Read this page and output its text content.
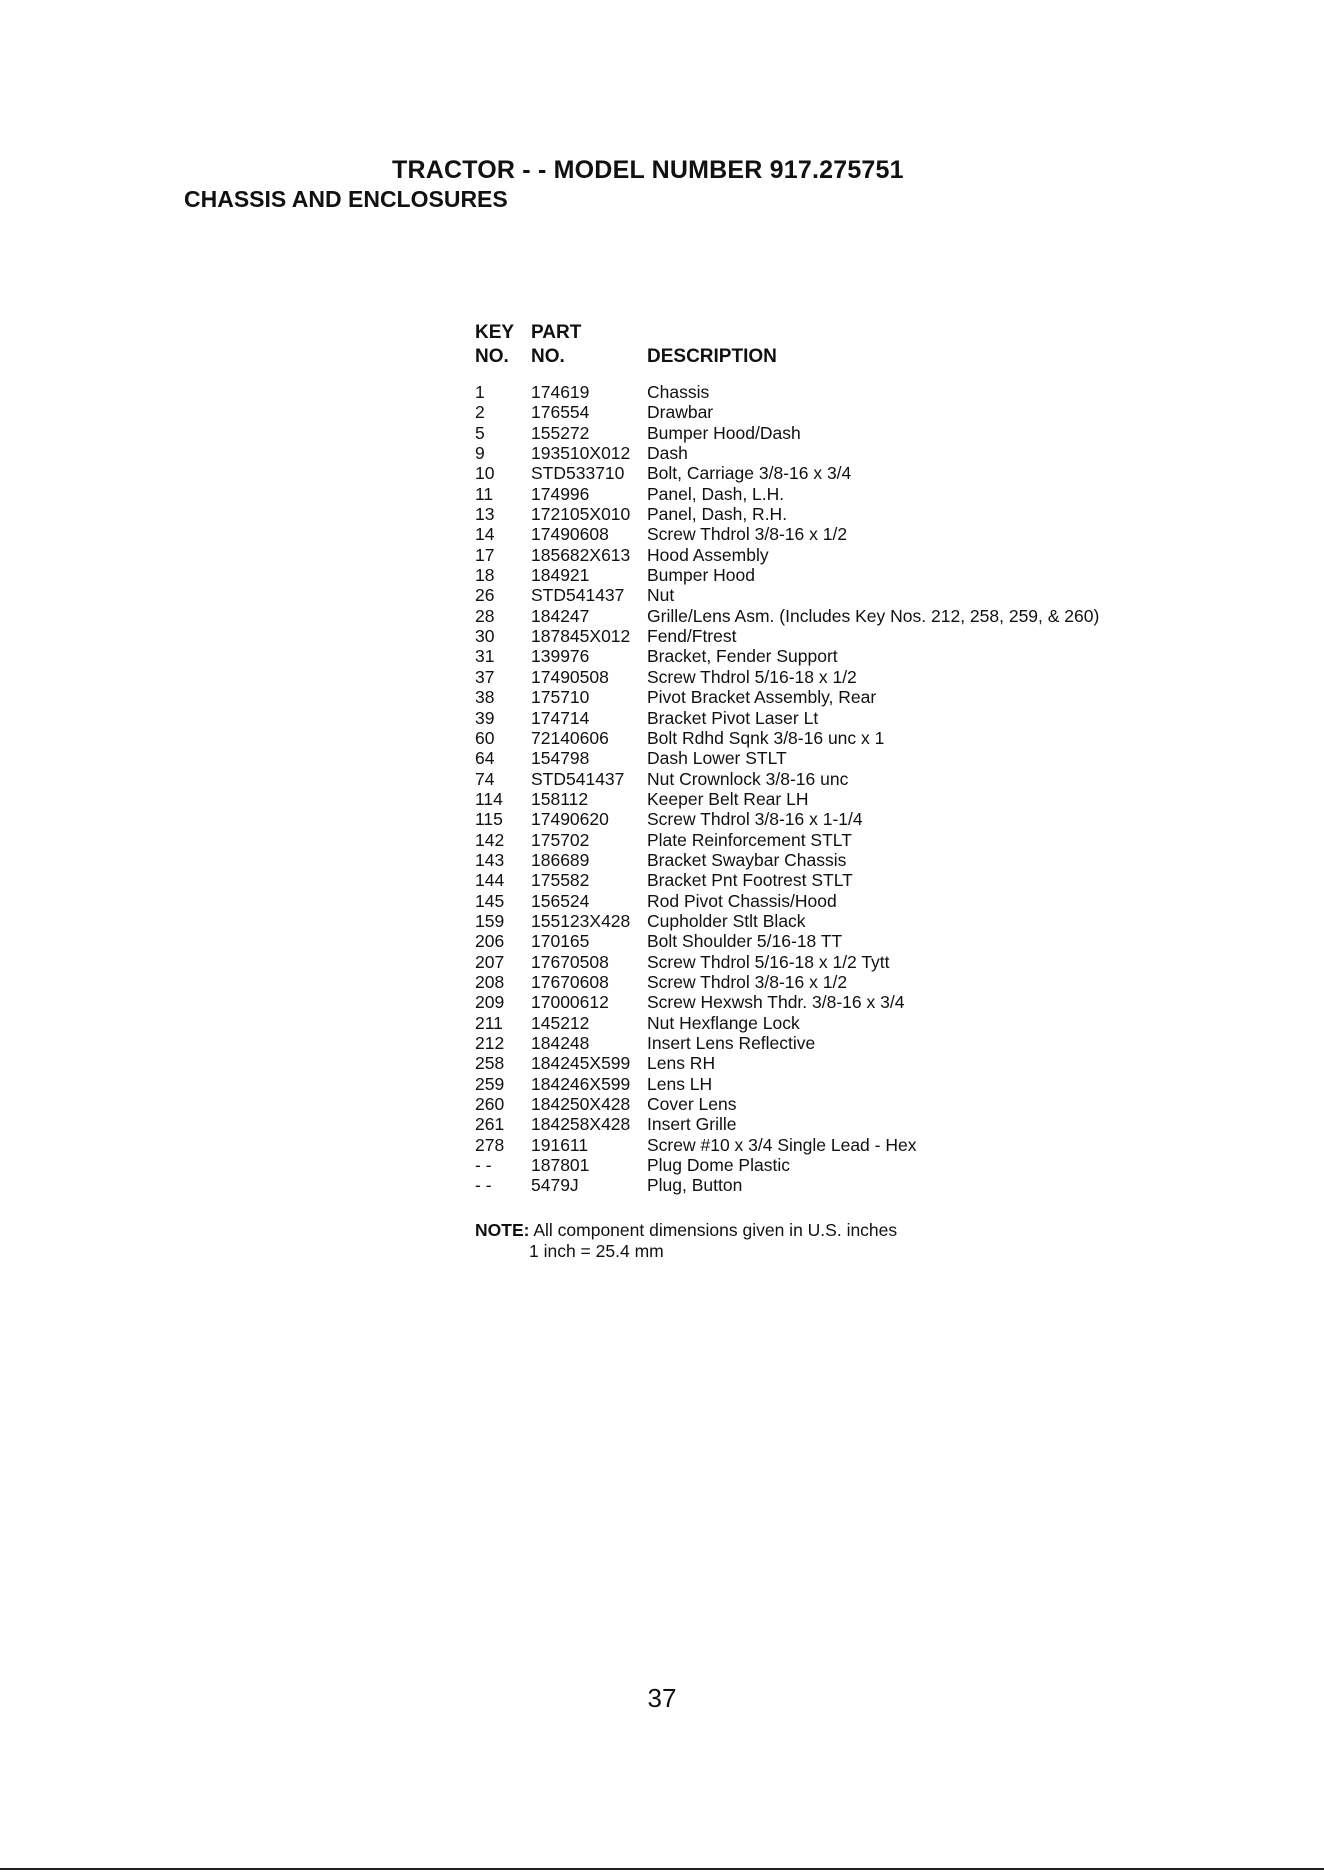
TRACTOR - - MODEL NUMBER 917.275751
CHASSIS AND ENCLOSURES
KEY PART
NO. NO.	DESCRIPTION
1	174619	Chassis
2	176554	Drawbar
5	155272	Bumper Hood/Dash
9	193510X012 Dash
10 STD533710 Bolt, Carriage 3/8-16 x 3/4
11 174996	Panel, Dash, L.H.
13 172105X010 Panel, Dash, R.H.
14 17490608 Screw Thdrol 3/8-16 x 1/2
17 185682X613 Hood Assembly
18 184921	Bumper Hood
26 STD541437 Nut
28 184247	Grille/Lens Asm. (Includes Key Nos. 212, 258, 259, & 260)
30 187845X012 Fend/Ftrest
31 139976	Bracket, Fender Support
37 17490508 Screw Thdrol 5/16-18 x 1/2
38 175710	Pivot Bracket Assembly, Rear
39 174714	Bracket Pivot Laser Lt
60 72140606 Bolt Rdhd Sqnk 3/8-16 unc x 1
64 154798	Dash Lower STLT
74 STD541437 Nut Crownlock 3/8-16 unc
114 158112	Keeper Belt Rear LH
115 17490620 Screw Thdrol 3/8-16 x 1-1/4
142 175702	Plate Reinforcement STLT
143 186689	Bracket Swaybar Chassis
144 175582	Bracket Pnt Footrest STLT
145 156524	Rod Pivot Chassis/Hood
159 155123X428 Cupholder Stlt Black
206 170165	Bolt Shoulder 5/16-18 TT
207 17670508 Screw Thdrol 5/16-18 x 1/2 Tytt
208 17670608 Screw Thdrol 3/8-16 x 1/2
209 17000612 Screw Hexwsh Thdr. 3/8-16 x 3/4
211 145212	Nut Hexflange Lock
212 184248	Insert Lens Reflective
258 184245X599 Lens RH
259 184246X599 Lens LH
260 184250X428 Cover Lens
261 184258X428 Insert Grille
278 191611	Screw #10 x 3/4 Single Lead - Hex
- - 187801	Plug Dome Plastic
- - 5479J	Plug, Button
NOTE: All component dimensions given in U.S. inches
1 inch = 25.4 mm
37
